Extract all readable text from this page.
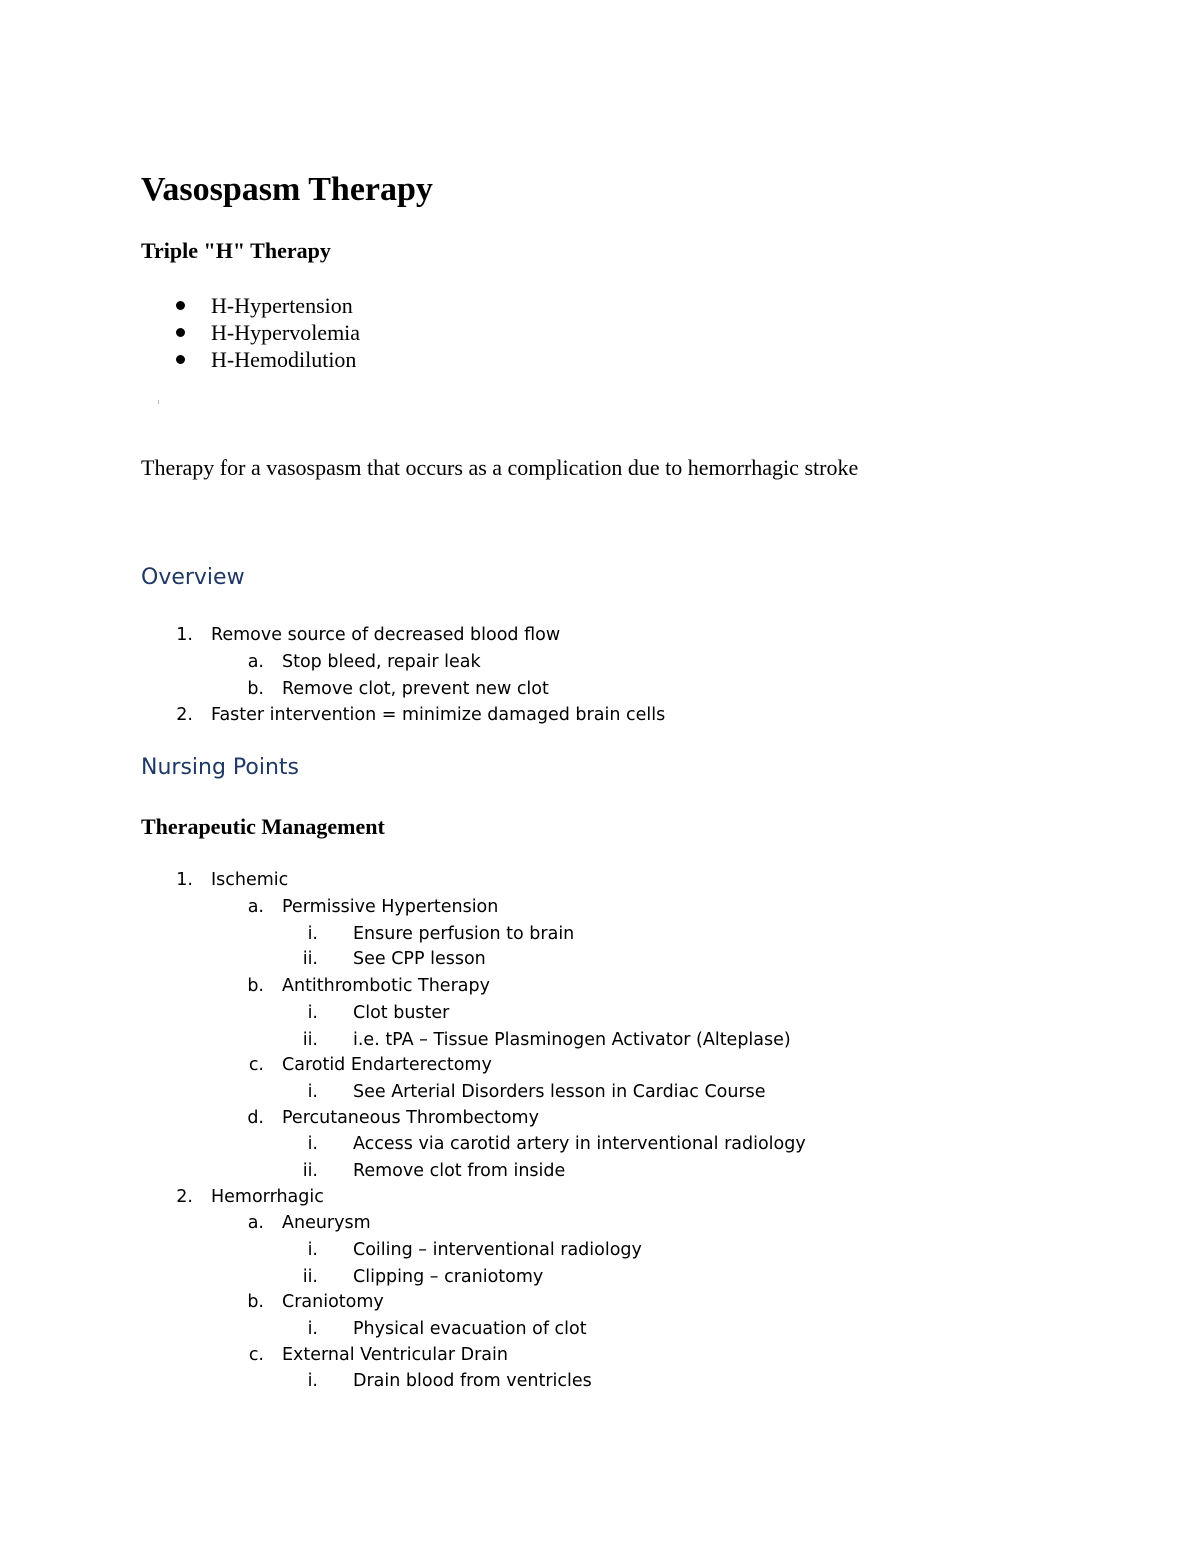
Vasospasm Therapy
Triple "H" Therapy
H-Hypertension
H-Hypervolemia
H-Hemodilution
Therapy for a vasospasm that occurs as a complication due to hemorrhagic stroke
Overview
1. Remove source of decreased blood flow
a. Stop bleed, repair leak
b. Remove clot, prevent new clot
2. Faster intervention = minimize damaged brain cells
Nursing Points
Therapeutic Management
1. Ischemic
a. Permissive Hypertension
i. Ensure perfusion to brain
ii. See CPP lesson
b. Antithrombotic Therapy
i. Clot buster
ii. i.e. tPA – Tissue Plasminogen Activator (Alteplase)
c. Carotid Endarterectomy
i. See Arterial Disorders lesson in Cardiac Course
d. Percutaneous Thrombectomy
i. Access via carotid artery in interventional radiology
ii. Remove clot from inside
2. Hemorrhagic
a. Aneurysm
i. Coiling – interventional radiology
ii. Clipping – craniotomy
b. Craniotomy
i. Physical evacuation of clot
c. External Ventricular Drain
i. Drain blood from ventricles
